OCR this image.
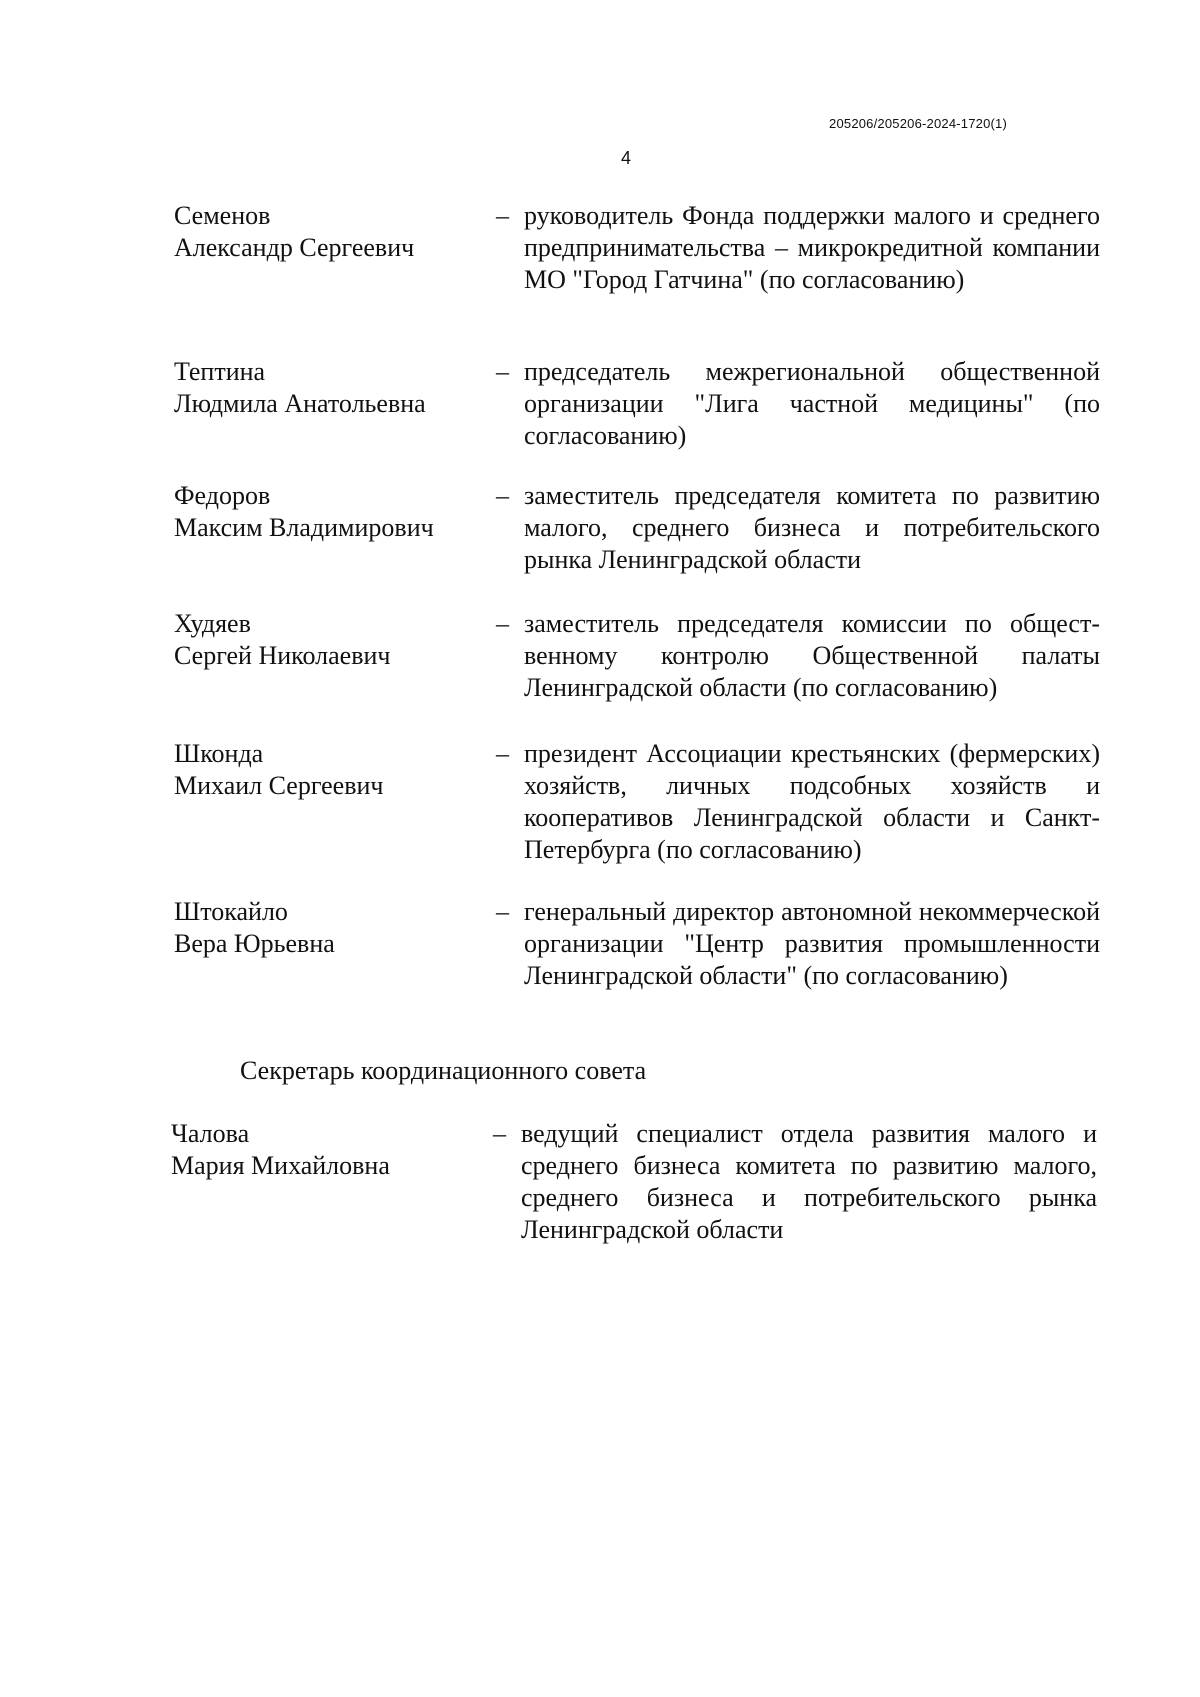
205206/205206-2024-1720(1)
4
Семенов
Александр Сергеевич
– руководитель Фонда поддержки малого и среднего предпринимательства – микрокредитной компании МО "Город Гатчина" (по согласованию)
Тептина
Людмила Анатольевна
– председатель межрегиональной общественной организации "Лига частной медицины" (по согласованию)
Федоров
Максим Владимирович
– заместитель председателя комитета по развитию малого, среднего бизнеса и потребительского рынка Ленинградской области
Худяев
Сергей Николаевич
– заместитель председателя комиссии по общественному контролю Общественной палаты Ленинградской области (по согласованию)
Шконда
Михаил Сергеевич
– президент Ассоциации крестьянских (фермерских) хозяйств, личных подсобных хозяйств и кооперативов Ленинградской области и Санкт-Петербурга (по согласованию)
Штокайло
Вера Юрьевна
– генеральный директор автономной некоммерческой организации "Центр развития промышленности Ленинградской области" (по согласованию)
Секретарь координационного совета
Чалова
Мария Михайловна
– ведущий специалист отдела развития малого и среднего бизнеса комитета по развитию малого, среднего бизнеса и потребительского рынка Ленинградской области
